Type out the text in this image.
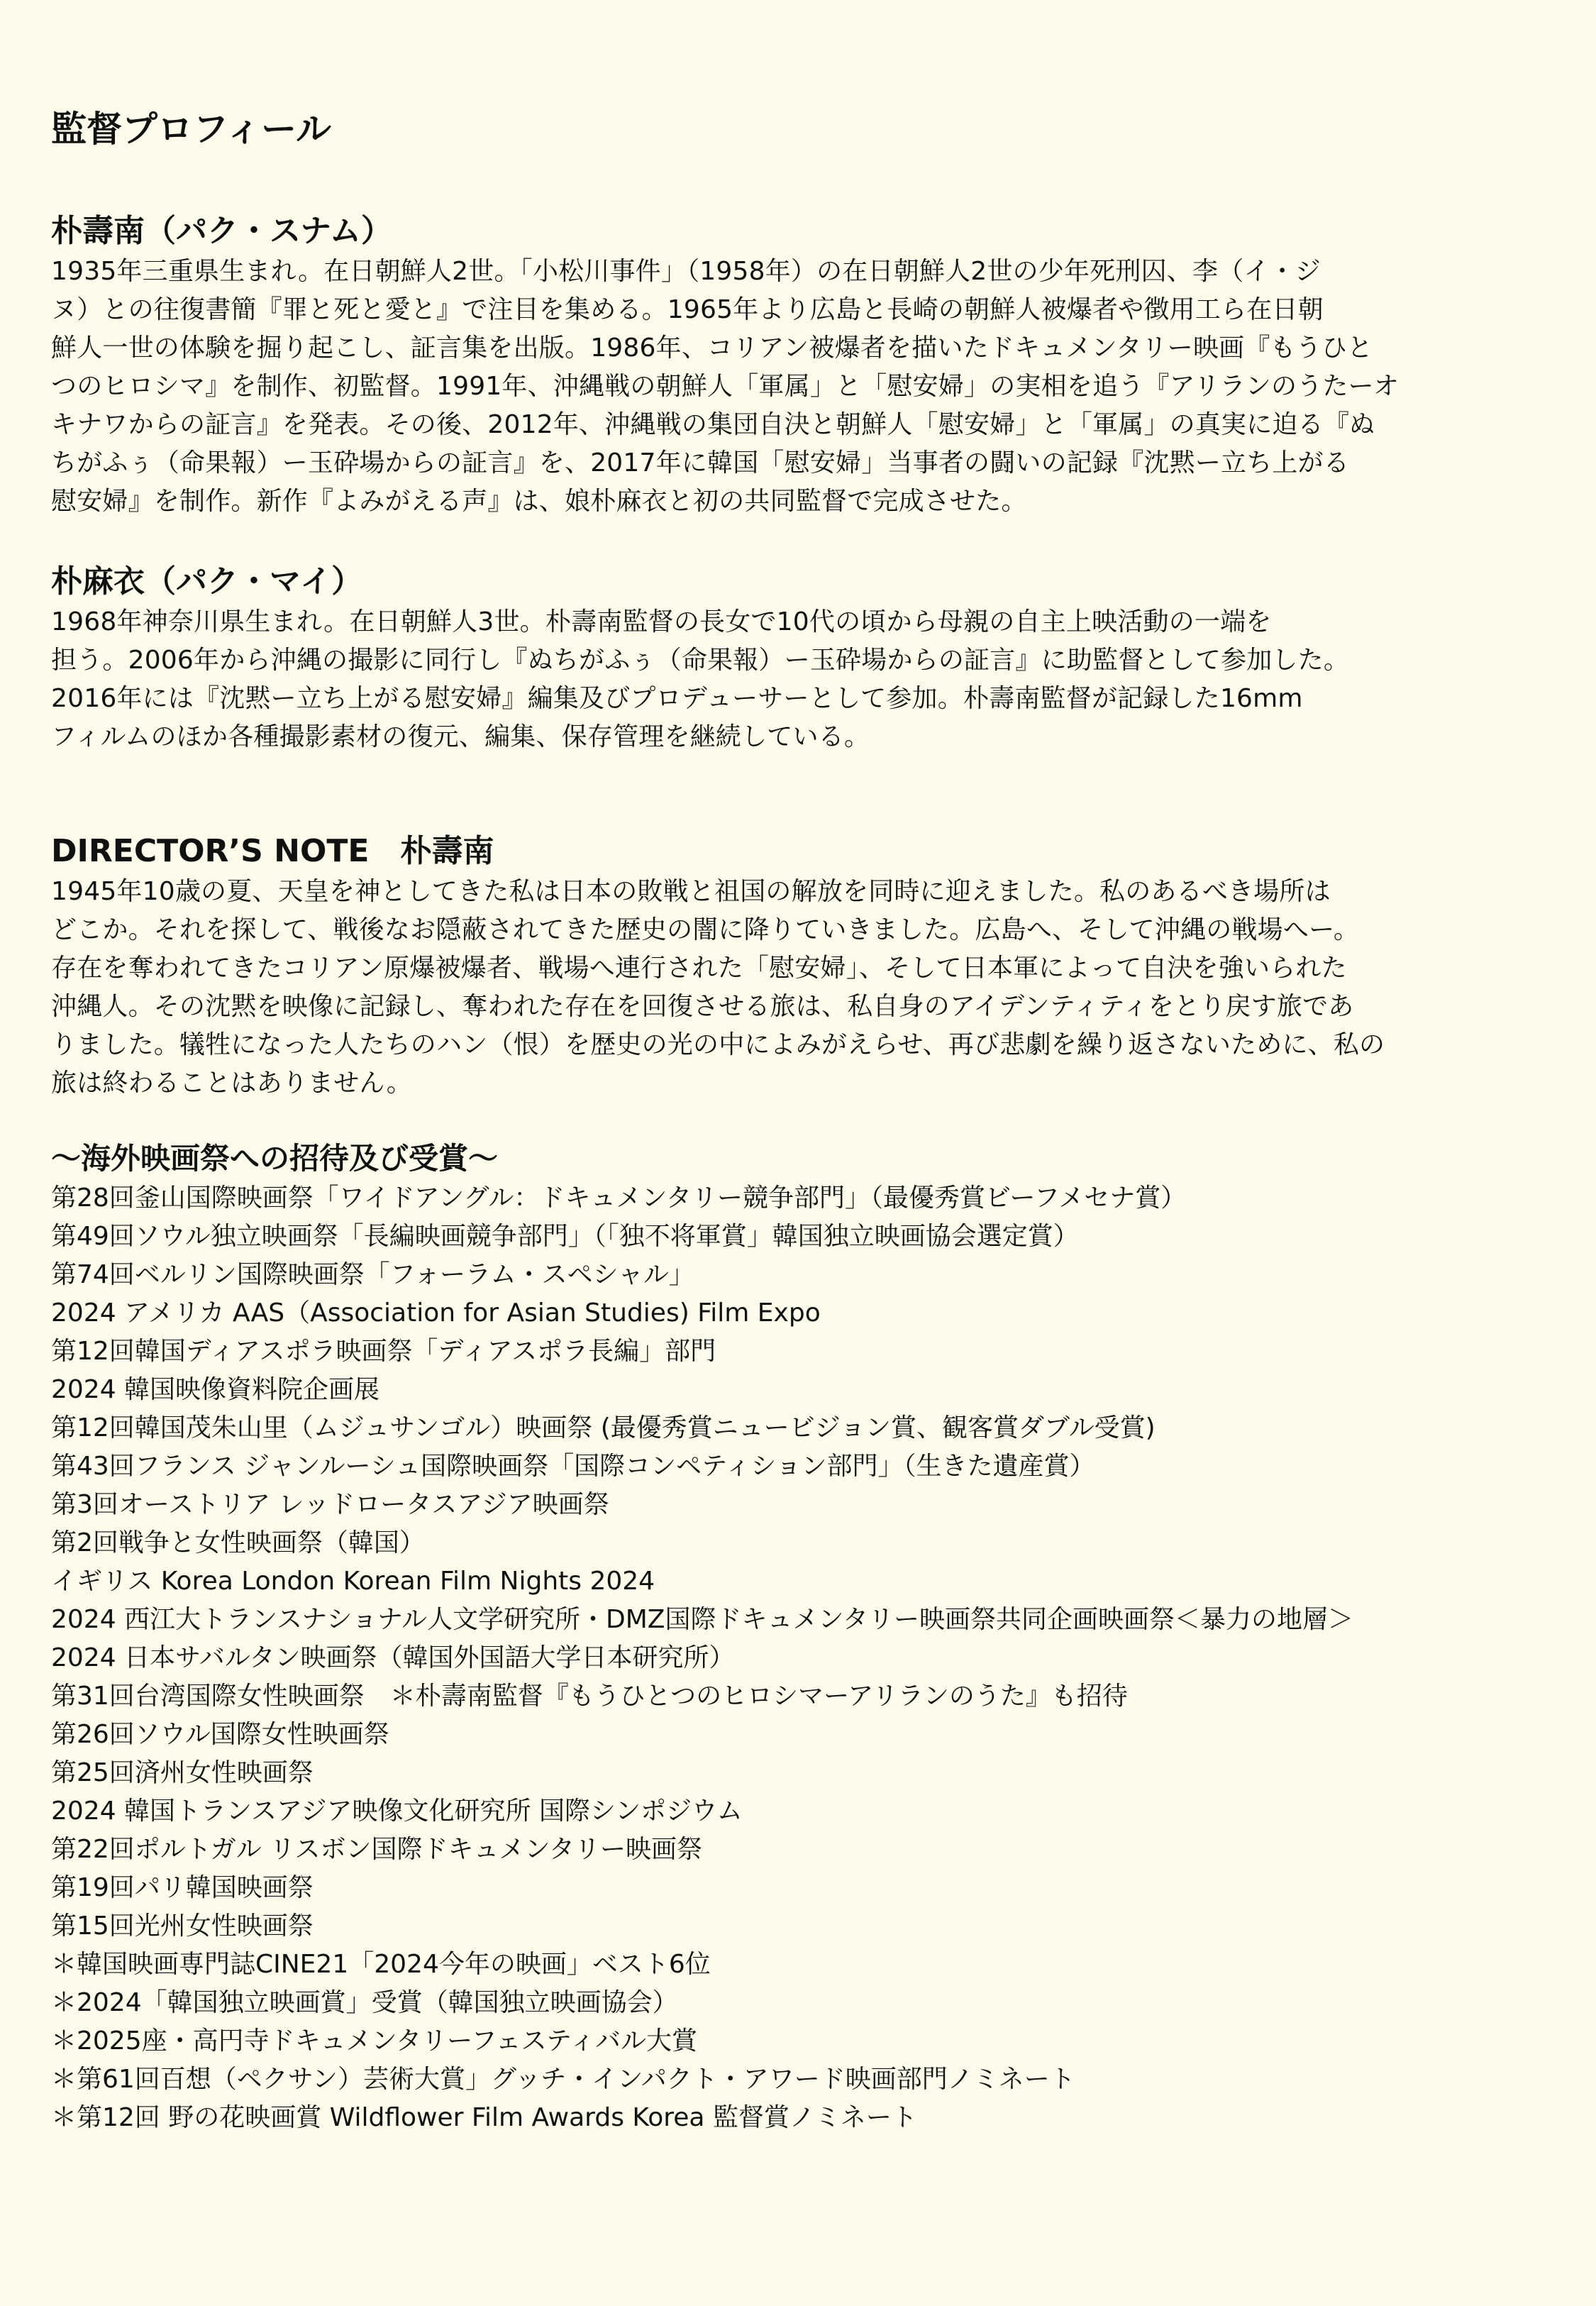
監督プロフィール
朴壽南（パク・スナム）

1935年三重県生まれ。在日朝鮮人2世。「小松川事件」（1958年）の在日朝鮮人2世の少年死刑囚、李（イ・ジ
ヌ）との往復書簡『罪と死と愛と』で注目を集める。1965年より広島と長崎の朝鮮人被爆者や徴用工ら在日朝
鮮人一世の体験を掘り起こし、証言集を出版。1986年、コリアン被爆者を描いたドキュメンタリー映画『もうひと
つのヒロシマ』を制作、初監督。1991年、沖縄戦の朝鮮人「軍属」と「慰安婦」の実相を追う『アリランのうたーオ
キナワからの証言』を発表。その後、2012年、沖縄戦の集団自決と朝鮮人「慰安婦」と「軍属」の真実に迫る『ぬ
ちがふぅ（命果報）ー玉砕場からの証言』を、2017年に韓国「慰安婦」当事者の闘いの記録『沈黙ー立ち上がる
慰安婦』を制作。新作『よみがえる声』は、娘朴麻衣と初の共同監督で完成させた。

朴麻衣（パク・マイ）

1968年神奈川県生まれ。在日朝鮮人3世。朴壽南監督の長女で10代の頃から母親の自主上映活動の一端を
担う。2006年から沖縄の撮影に同行し『ぬちがふぅ（命果報）ー玉砕場からの証言』に助監督として参加した。
2016年には『沈黙ー立ち上がる慰安婦』編集及びプロデューサーとして参加。朴壽南監督が記録した16mm
フィルムのほか各種撮影素材の復元、編集、保存管理を継続している。

DIRECTOR’S NOTE　朴壽南

1945年10歳の夏、天皇を神としてきた私は日本の敗戦と祖国の解放を同時に迎えました。私のあるべき場所は
どこか。それを探して、戦後なお隠蔽されてきた歴史の闇に降りていきました。広島へ、そして沖縄の戦場へー。
存在を奪われてきたコリアン原爆被爆者、戦場へ連行された「慰安婦」、そして日本軍によって自決を強いられた
沖縄人。その沈黙を映像に記録し、奪われた存在を回復させる旅は、私自身のアイデンティティをとり戻す旅であ
りました。犠牲になった人たちのハン（恨）を歴史の光の中によみがえらせ、再び悲劇を繰り返さないために、私の
旅は終わることはありません。

〜海外映画祭への招待及び受賞〜
第28回釜山国際映画祭「ワイドアングル：ドキュメンタリー競争部門」（最優秀賞ビーフメセナ賞）
第49回ソウル独立映画祭「長編映画競争部門」（「独不将軍賞」韓国独立映画協会選定賞）
第74回ベルリン国際映画祭「フォーラム・スペシャル」
2024 アメリカ AAS（Association for Asian Studies) Film Expo
第12回韓国ディアスポラ映画祭「ディアスポラ長編」部門
2024 韓国映像資料院企画展
第12回韓国茂朱山里（ムジュサンゴル）映画祭 (最優秀賞ニュービジョン賞、観客賞ダブル受賞)
第43回フランス ジャンルーシュ国際映画祭「国際コンペティション部門」（生きた遺産賞）
第3回オーストリア レッドロータスアジア映画祭
第2回戦争と女性映画祭（韓国）
イギリス Korea London Korean Film Nights 2024
2024 西江大トランスナショナル人文学研究所・DMZ国際ドキュメンタリー映画祭共同企画映画祭＜暴力の地層＞
2024 日本サバルタン映画祭（韓国外国語大学日本研究所）
第31回台湾国際女性映画祭　＊朴壽南監督『もうひとつのヒロシマーアリランのうた』も招待
第26回ソウル国際女性映画祭
第25回済州女性映画祭
2024 韓国トランスアジア映像文化研究所 国際シンポジウム
第22回ポルトガル リスボン国際ドキュメンタリー映画祭
第19回パリ韓国映画祭
第15回光州女性映画祭
＊韓国映画専門誌CINE21「2024今年の映画」ベスト6位
＊2024「韓国独立映画賞」受賞（韓国独立映画協会）
＊2025座・高円寺ドキュメンタリーフェスティバル大賞
＊第61回百想（ペクサン）芸術大賞」グッチ・インパクト・アワード映画部門ノミネート
＊第12回 野の花映画賞 Wildflower Film Awards Korea 監督賞ノミネート
